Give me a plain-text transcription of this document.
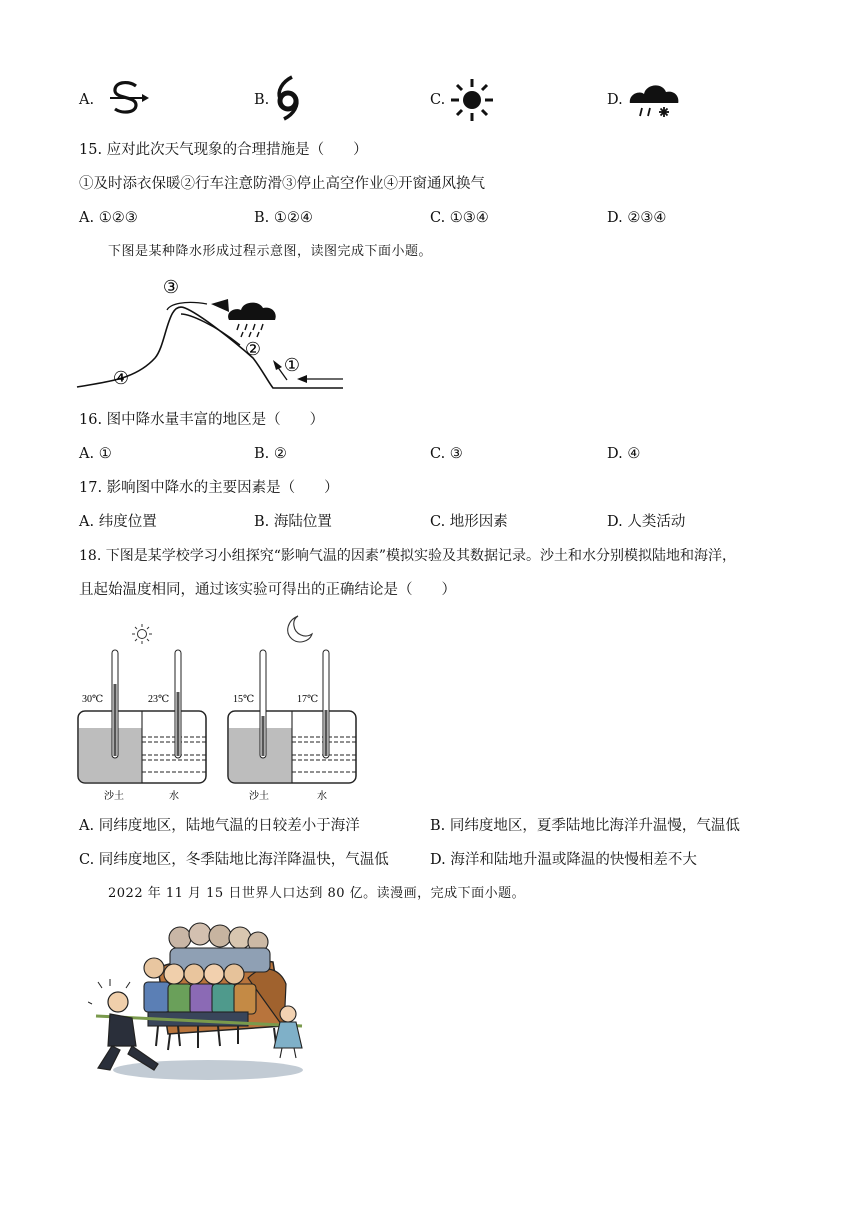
A.	B.	C.	D.
15. 应对此次天气现象的合理措施是（　　）
①及时添衣保暖②行车注意防滑③停止高空作业④开窗通风换气
A. ①②③	B. ①②④	C. ①③④	D. ②③④
下图是某种降水形成过程示意图，读图完成下面小题。
③
②
①
④
16. 图中降水量丰富的地区是（　　）
A. ①	B. ②	C. ③	D. ④
17. 影响图中降水的主要因素是（　　）
A. 纬度位置	B. 海陆位置	C. 地形因素	D. 人类活动
18. 下图是某学校学习小组探究“影响气温的因素”模拟实验及其数据记录。沙土和水分别模拟陆地和海洋，
且起始温度相同，通过该实验可得出的正确结论是（　　）
30℃	23℃	15℃	17℃
沙土	水	沙土	水
A. 同纬度地区，陆地气温的日较差小于海洋	B. 同纬度地区，夏季陆地比海洋升温慢，气温低
C. 同纬度地区，冬季陆地比海洋降温快，气温低	D. 海洋和陆地升温或降温的快慢相差不大
2022 年 11 月 15 日世界人口达到 80 亿。读漫画，完成下面小题。
